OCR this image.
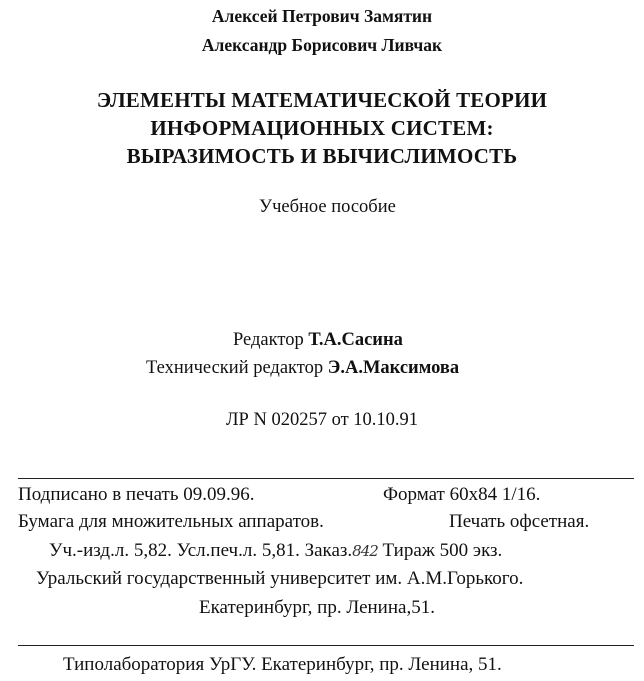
Алексей Петрович Замятин
Александр Борисович Ливчак
ЭЛЕМЕНТЫ МАТЕМАТИЧЕСКОЙ ТЕОРИИ
ИНФОРМАЦИОННЫХ СИСТЕМ:
ВЫРАЗИМОСТЬ И ВЫЧИСЛИМОСТЬ
Учебное пособие
Редактор Т.А.Сасина
Технический редактор Э.А.Максимова
ЛР N 020257 от 10.10.91
Подписано в печать 09.09.96.	Формат 60x84 1/16.
Бумага для множительных аппаратов.	Печать офсетная.
Уч.-изд.л. 5,82. Усл.печ.л. 5,81. Заказ.842 Тираж 500 экз.
Уральский государственный университет им. А.М.Горького.
Екатеринбург, пр. Ленина,51.
Типолаборатория УрГУ. Екатеринбург, пр. Ленина, 51.
